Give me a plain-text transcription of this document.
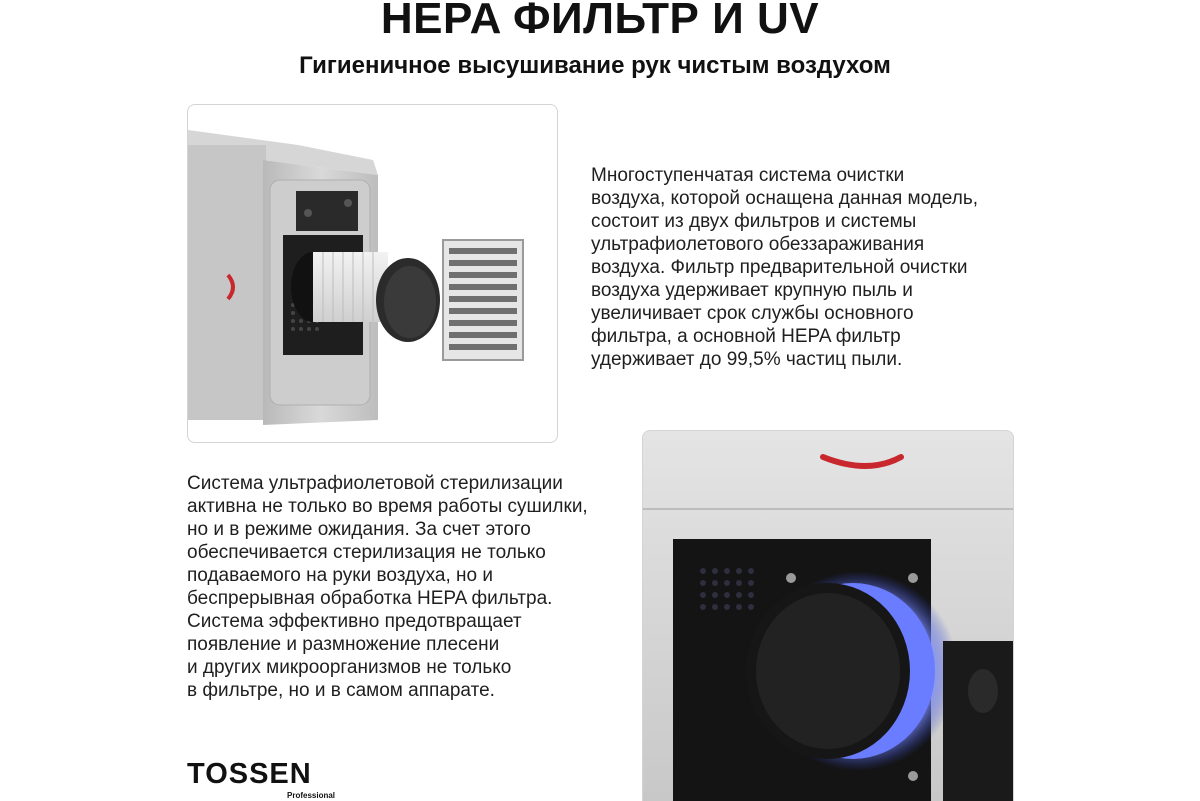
HEPA ФИЛЬТР И UV
Гигиеничное высушивание рук чистым воздухом

Многоступенчатая система очистки
воздуха, которой оснащена данная модель,
состоит из двух фильтров и системы
ультрафиолетового обеззараживания
воздуха. Фильтр предварительной очистки
воздуха удерживает крупную пыль и
увеличивает срок службы основного
фильтра, а основной HEPA фильтр
удерживает до 99,5% частиц пыли.

Система ультрафиолетовой стерилизации
активна не только во время работы сушилки,
но и в режиме ожидания. За счет этого
обеспечивается стерилизация не только
подаваемого на руки воздуха, но и
беспрерывная обработка HEPA фильтра.
Система эффективно предотвращает
появление и размножение плесени
и других микроорганизмов не только
в фильтре, но и в самом аппарате.

TOSSEN
Professional
